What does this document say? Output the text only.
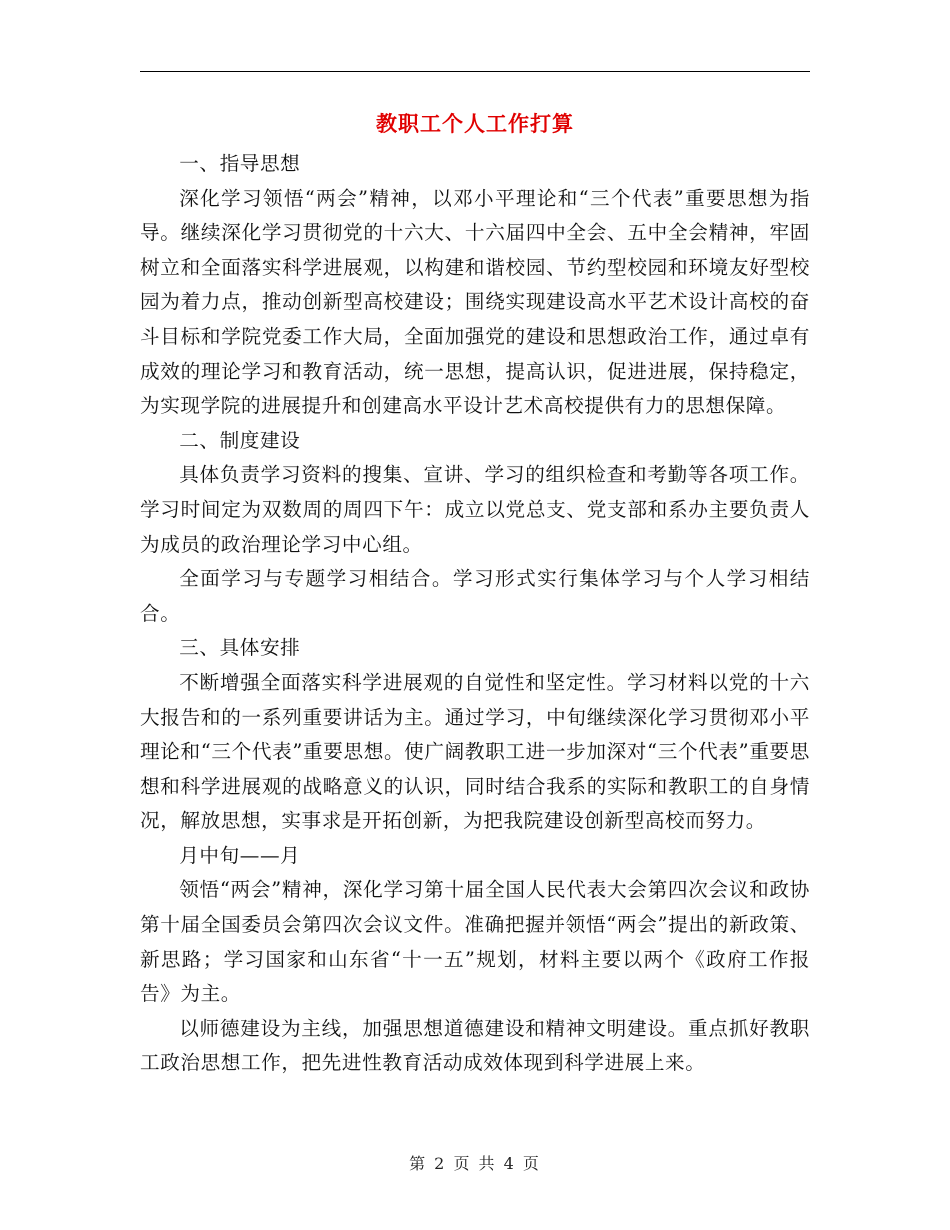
教职工个人工作打算

一、指导思想

深化学习领悟“两会”精神，以邓小平理论和“三个代表”重要思想为指导。继续深化学习贯彻党的十六大、十六届四中全会、五中全会精神，牢固树立和全面落实科学进展观，以构建和谐校园、节约型校园和环境友好型校园为着力点，推动创新型高校建设；围绕实现建设高水平艺术设计高校的奋斗目标和学院党委工作大局，全面加强党的建设和思想政治工作，通过卓有成效的理论学习和教育活动，统一思想，提高认识，促进进展，保持稳定，为实现学院的进展提升和创建高水平设计艺术高校提供有力的思想保障。

二、制度建设

具体负责学习资料的搜集、宣讲、学习的组织检查和考勤等各项工作。学习时间定为双数周的周四下午：成立以党总支、党支部和系办主要负责人为成员的政治理论学习中心组。

全面学习与专题学习相结合。学习形式实行集体学习与个人学习相结合。

三、具体安排

不断增强全面落实科学进展观的自觉性和坚定性。学习材料以党的十六大报告和的一系列重要讲话为主。通过学习，中旬继续深化学习贯彻邓小平理论和“三个代表”重要思想。使广阔教职工进一步加深对“三个代表”重要思想和科学进展观的战略意义的认识，同时结合我系的实际和教职工的自身情况，解放思想，实事求是开拓创新，为把我院建设创新型高校而努力。

月中旬——月

领悟“两会”精神，深化学习第十届全国人民代表大会第四次会议和政协第十届全国委员会第四次会议文件。准确把握并领悟“两会”提出的新政策、新思路；学习国家和山东省“十一五”规划，材料主要以两个《政府工作报告》为主。

以师德建设为主线，加强思想道德建设和精神文明建设。重点抓好教职工政治思想工作，把先进性教育活动成效体现到科学进展上来。

第 2 页 共 4 页
